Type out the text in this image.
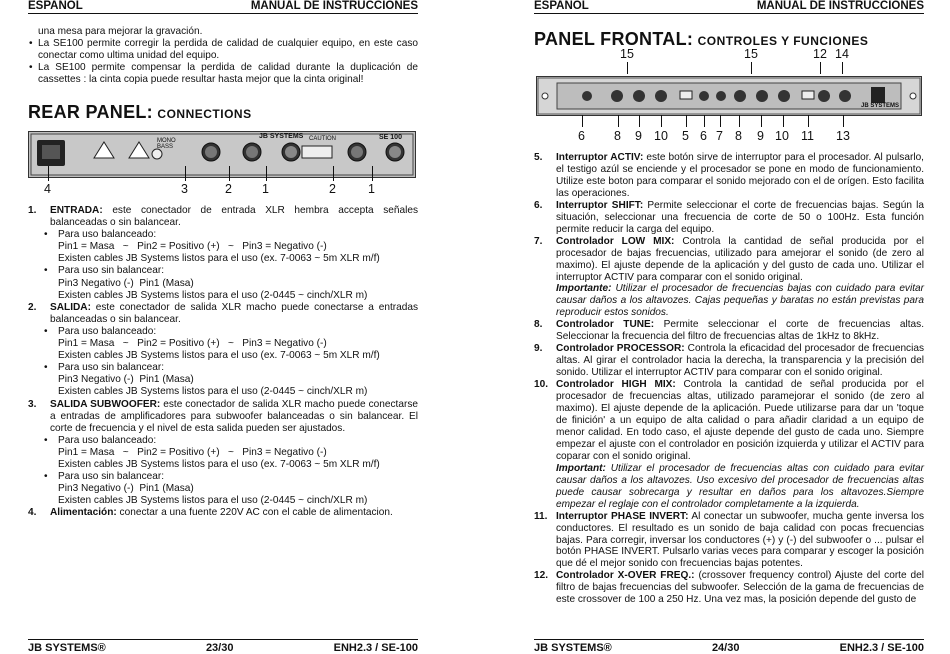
ESPAÑOL	MANUAL DE INSTRUCCIONES
una mesa para mejorar la gravación.
• La SE100 permite corregir la perdida de calidad de cualquier equipo, en este caso conectar como ultima unidad del equipo.
• La SE100 permite compensar la perdida de calidad durante la duplicación de cassettes : la cinta copia puede resultar hasta mejor que la cinta original!
REAR PANEL: CONNECTIONS
JB SYSTEMS	SE 100
MONO BASS
CAUTION
4	3	2 1	2	1
1. ENTRADA: este conectador de entrada XLR hembra accepta señales balanceadas o sin balancear.
• Para uso balanceado:
Pin1 = Masa   ~   Pin2 = Positivo (+)   ~   Pin3 = Negativo (-)
Existen cables JB Systems listos para el uso (ex. 7-0063 ~ 5m XLR m/f)
• Para uso sin balancear:
Pin3 Negativo (-)  Pin1 (Masa)
Existen cables JB Systems listos para el uso (2-0445 ~ cinch/XLR m)
2. SALIDA: este conectador de salida XLR macho puede conectarse a entradas balanceadas o sin balancear.
• Para uso balanceado:
Pin1 = Masa   ~   Pin2 = Positivo (+)   ~   Pin3 = Negativo (-)
Existen cables JB Systems listos para el uso (ex. 7-0063 ~ 5m XLR m/f)
• Para uso sin balancear:
Pin3 Negativo (-)  Pin1 (Masa)
Existen cables JB Systems listos para el uso (2-0445 ~ cinch/XLR m)
3. SALIDA SUBWOOFER: este conectador de salida XLR macho puede conectarse a entradas de amplificadores para subwoofer balanceadas o sin balancear. El corte de frecuencia y el nivel de esta salida pueden ser ajustados.
• Para uso balanceado:
Pin1 = Masa   ~   Pin2 = Positivo (+)   ~   Pin3 = Negativo (-)
Existen cables JB Systems listos para el uso (ex. 7-0063 ~ 5m XLR m/f)
• Para uso sin balancear:
Pin3 Negativo (-)  Pin1 (Masa)
Existen cables JB Systems listos para el uso (2-0445 ~ cinch/XLR m)
4. Alimentación: conectar a una fuente 220V AC con el cable de alimentacion.
JB SYSTEMS®	23/30	ENH2.3 / SE-100
ESPAÑOL	MANUAL DE INSTRUCCIONES
PANEL FRONTAL: CONTROLES Y FUNCIONES
15	15	12 14
JB SYSTEMS
6 8 9 10 5 6 7 8 9 10 11 13
5. Interruptor ACTIV: este botón sirve de interruptor para el procesador. Al pulsarlo, el testigo azúl se enciende y el procesador se pone en modo de funcionamiento. Utilize este boton para comparar el sonido mejorado con el de orígen. Esto facilita las operaciones.
6. Interruptor SHIFT: Permite seleccionar el corte de frecuencias bajas. Según la situación, seleccionar una frecuencia de corte de 50 o 100Hz. Esta función permite reducir la carga del equipo.
7. Controlador LOW MIX: Controla la cantidad de señal producida por el procesador de bajas frecuencias, utilizado para amejorar el sonido (de zero al maximo). El ajuste depende de la aplicación y del gusto de cada uno. Utilizar el interruptor ACTIV para comparar con el sonido original.
Importante: Utilizar el procesador de frecuencias bajas con cuidado para evitar causar daños a los altavozes. Cajas pequeñas y baratas no están previstas para reproducir estos sonidos.
8. Controlador TUNE: Permite seleccionar el corte de frecuencias altas. Seleccionar la frecuencia del filtro de frecuencias altas de 1kHz to 8kHz.
9. Controlador PROCESSOR: Controla la eficacidad del procesador de frecuencias altas. Al girar el controlador hacia la derecha, la transparencia y la precisión del sonido. Utilizar el interruptor ACTIV para comparar con el sonido original.
10. Controlador HIGH MIX: Controla la cantidad de señal producida por el procesador de frecuencias altas, utilizado paramejorar el sonido (de zero al maximo). El ajuste depende de la aplicación. Puede utilizarse para dar un 'toque de finición' a un equipo de alta calidad o para añadir claridad a un equipo de menor calidad. En todo caso, el ajuste depende del gusto de cada uno. Siempre empezar el ajuste con el controlador en posición izquierda y utilizar el ACTIV para coparar con el sonido original.
Important: Utilizar el procesador de frecuencias altas con cuidado para evitar causar daños a los altavozes. Uso excesivo del procesador de frecuencias altas puede causar sobrecarga y resultar en daños para los altavozes.Siempre empezar el reglaje con el controlador completamente a la izquierda.
11. Interruptor PHASE INVERT: Al conectar un subwoofer, mucha gente inversa los conductores. El resultado es un sonido de baja calidad con pocas frecuencias bajas. Para corregir, inversar los conductores (+) y (-) del subwoofer o ... pulsar el botón PHASE INVERT. Pulsarlo varias veces para comparar y escoger la posición que dé el mejor sonido con frecuencias bajas potentes.
12. Controlador X-OVER FREQ.: (crossover frequency control) Ajuste del corte del filtro de bajas frecuencias del subwoofer. Selección de la gama de frecuencias de este crossover de 100 a 250 Hz. Una vez mas, la posición depende del gusto de
JB SYSTEMS®	24/30	ENH2.3 / SE-100
